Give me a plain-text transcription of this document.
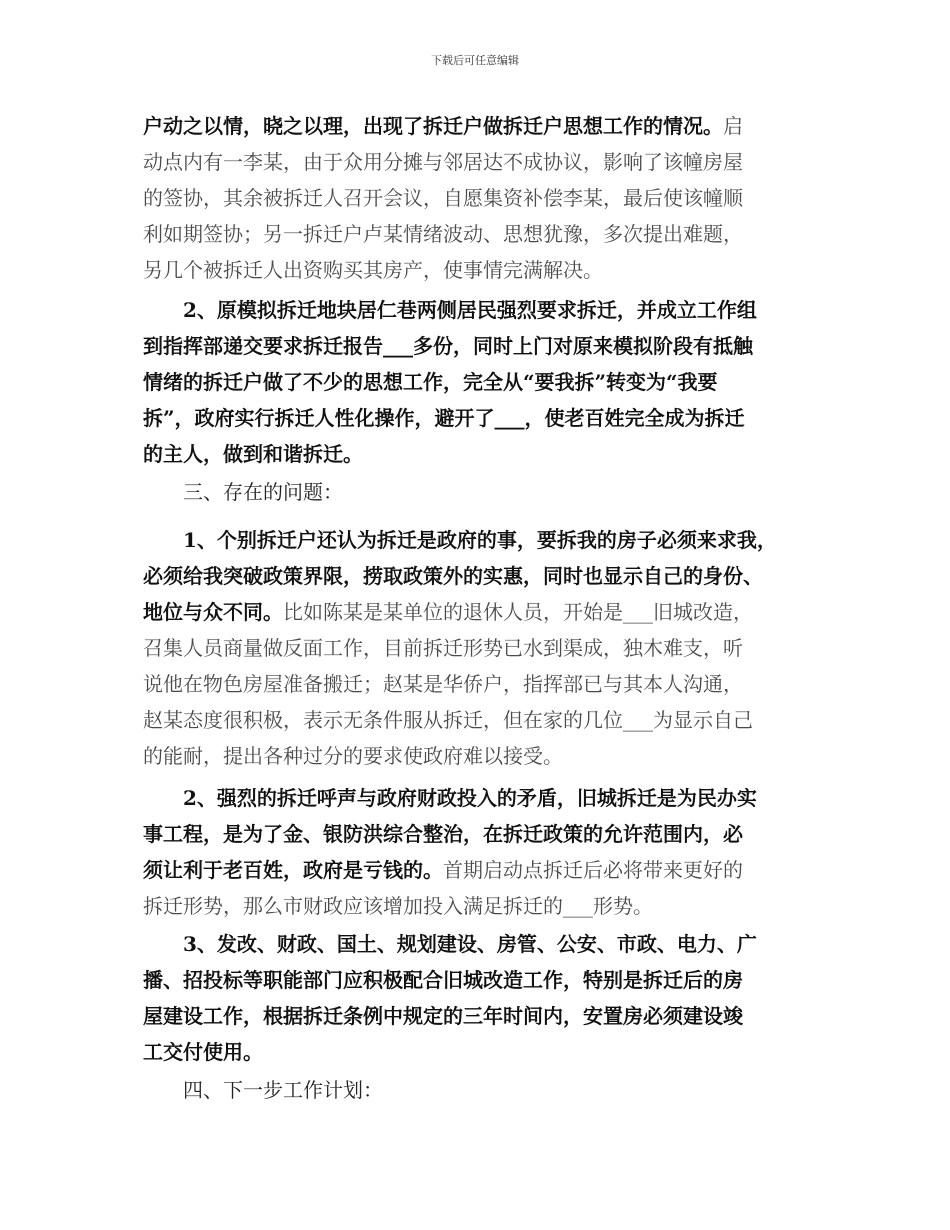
下载后可任意编辑
户动之以情，晓之以理，出现了拆迁户做拆迁户思想工作的情况。启
动点内有一李某，由于众用分摊与邻居达不成协议，影响了该幢房屋
的签协，其余被拆迁人召开会议，自愿集资补偿李某，最后使该幢顺
利如期签协；另一拆迁户卢某情绪波动、思想犹豫，多次提出难题，
另几个被拆迁人出资购买其房产，使事情完满解决。
2、原模拟拆迁地块居仁巷两侧居民强烈要求拆迁，并成立工作组
到指挥部递交要求拆迁报告___多份，同时上门对原来模拟阶段有抵触
情绪的拆迁户做了不少的思想工作，完全从“要我拆”转变为“我要
拆”，政府实行拆迁人性化操作，避开了___，使老百姓完全成为拆迁
的主人，做到和谐拆迁。
三、存在的问题：
1、个别拆迁户还认为拆迁是政府的事，要拆我的房子必须来求我，
必须给我突破政策界限，捞取政策外的实惠，同时也显示自己的身份、
地位与众不同。比如陈某是某单位的退休人员，开始是___旧城改造，
召集人员商量做反面工作，目前拆迁形势已水到渠成，独木难支，听
说他在物色房屋准备搬迁；赵某是华侨户，指挥部已与其本人沟通，
赵某态度很积极，表示无条件服从拆迁，但在家的几位___为显示自己
的能耐，提出各种过分的要求使政府难以接受。
2、强烈的拆迁呼声与政府财政投入的矛盾，旧城拆迁是为民办实
事工程，是为了金、银防洪综合整治，在拆迁政策的允许范围内，必
须让利于老百姓，政府是亏钱的。首期启动点拆迁后必将带来更好的
拆迁形势，那么市财政应该增加投入满足拆迁的___形势。
3、发改、财政、国土、规划建设、房管、公安、市政、电力、广
播、招投标等职能部门应积极配合旧城改造工作，特别是拆迁后的房
屋建设工作，根据拆迁条例中规定的三年时间内，安置房必须建设竣
工交付使用。
四、下一步工作计划：
